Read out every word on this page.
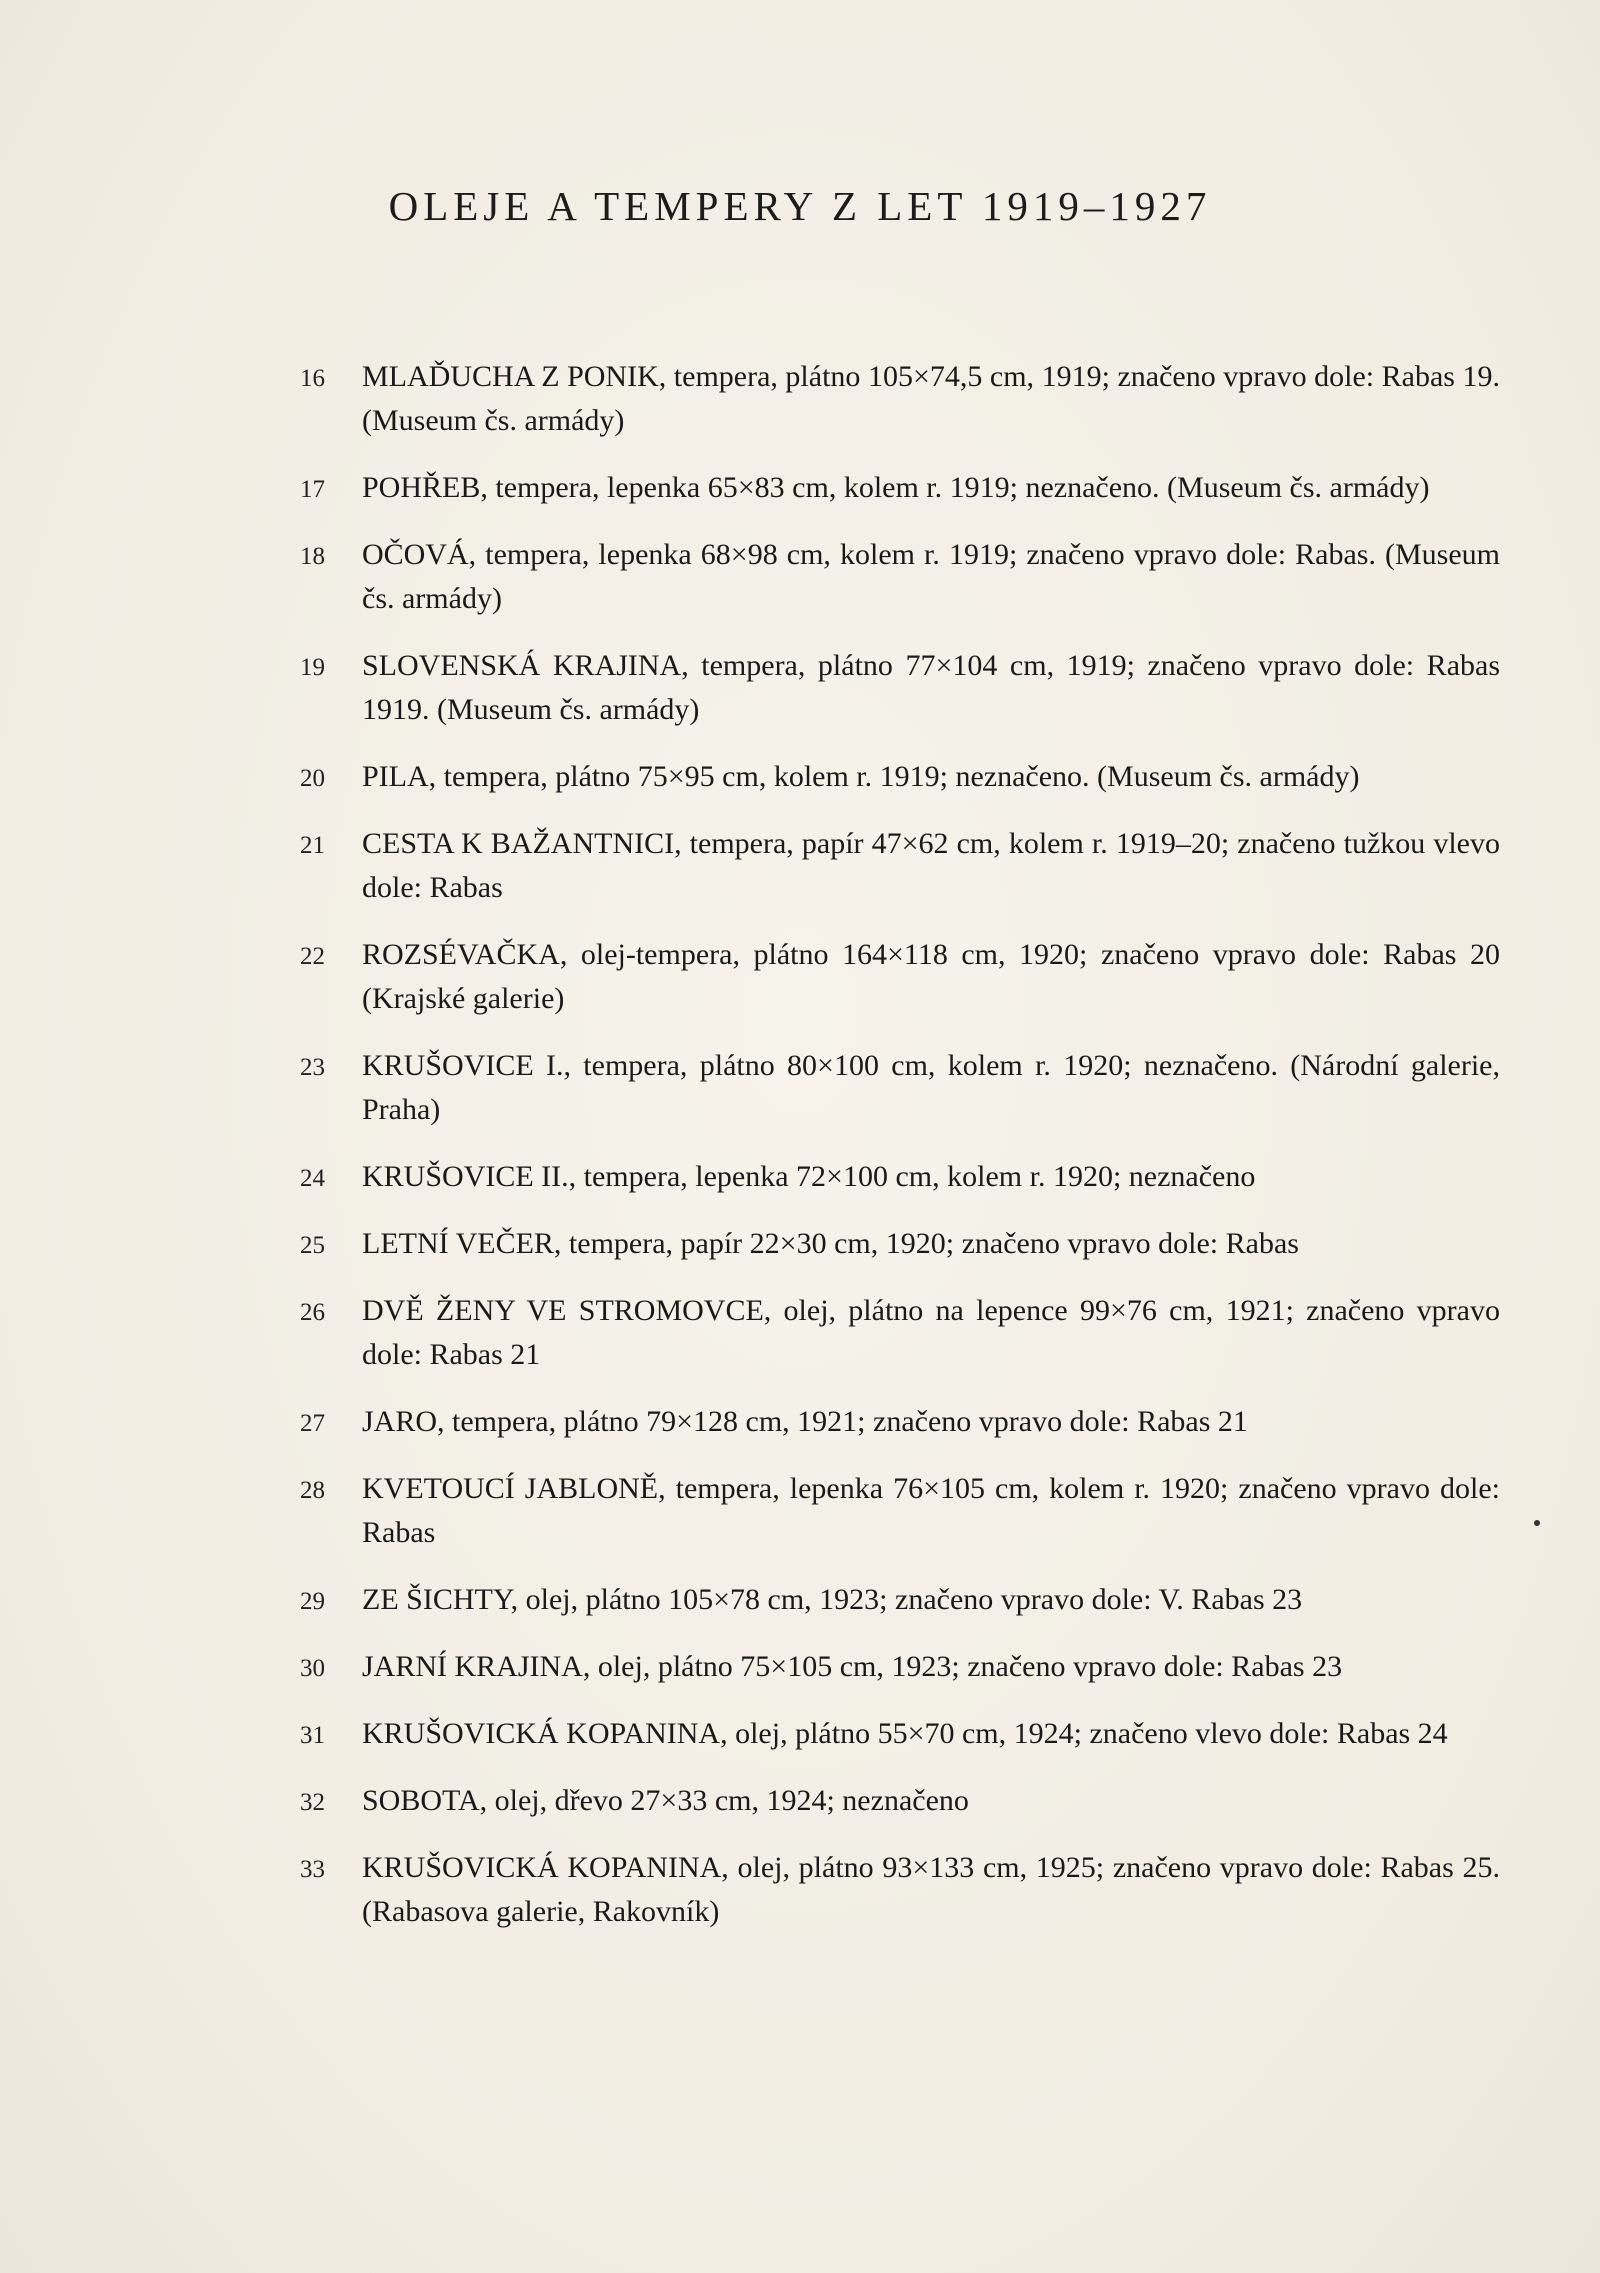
OLEJE A TEMPERY Z LET 1919–1927
16	MLAĎUCHA Z PONIK, tempera, plátno 105×74,5 cm, 1919; značeno vpravo dole: Rabas 19. (Museum čs. armády)
17	POHŘEB, tempera, lepenka 65×83 cm, kolem r. 1919; neznačeno. (Museum čs. armády)
18	OČOVÁ, tempera, lepenka 68×98 cm, kolem r. 1919; značeno vpravo dole: Rabas. (Museum čs. armády)
19	SLOVENSKÁ KRAJINA, tempera, plátno 77×104 cm, 1919; značeno vpravo dole: Rabas 1919. (Museum čs. armády)
20	PILA, tempera, plátno 75×95 cm, kolem r. 1919; neznačeno. (Museum čs. armády)
21	CESTA K BAŽANTNICI, tempera, papír 47×62 cm, kolem r. 1919–20; značeno tužkou vlevo dole: Rabas
22	ROZSÉVAČKA, olej-tempera, plátno 164×118 cm, 1920; značeno vpravo dole: Rabas 20 (Krajské galerie)
23	KRUŠOVICE I., tempera, plátno 80×100 cm, kolem r. 1920; neznačeno. (Národní galerie, Praha)
24	KRUŠOVICE II., tempera, lepenka 72×100 cm, kolem r. 1920; neznačeno
25	LETNÍ VEČER, tempera, papír 22×30 cm, 1920; značeno vpravo dole: Rabas
26	DVĚ ŽENY VE STROMOVCE, olej, plátno na lepence 99×76 cm, 1921; značeno vpravo dole: Rabas 21
27	JARO, tempera, plátno 79×128 cm, 1921; značeno vpravo dole: Rabas 21
28	KVETOUCÍ JABLONĚ, tempera, lepenka 76×105 cm, kolem r. 1920; značeno vpravo dole: Rabas
29	ZE ŠICHTY, olej, plátno 105×78 cm, 1923; značeno vpravo dole: V. Rabas 23
30	JARNÍ KRAJINA, olej, plátno 75×105 cm, 1923; značeno vpravo dole: Rabas 23
31	KRUŠOVICKÁ KOPANINA, olej, plátno 55×70 cm, 1924; značeno vlevo dole: Rabas 24
32	SOBOTA, olej, dřevo 27×33 cm, 1924; neznačeno
33	KRUŠOVICKÁ KOPANINA, olej, plátno 93×133 cm, 1925; značeno vpravo dole: Rabas 25. (Rabasova galerie, Rakovník)
